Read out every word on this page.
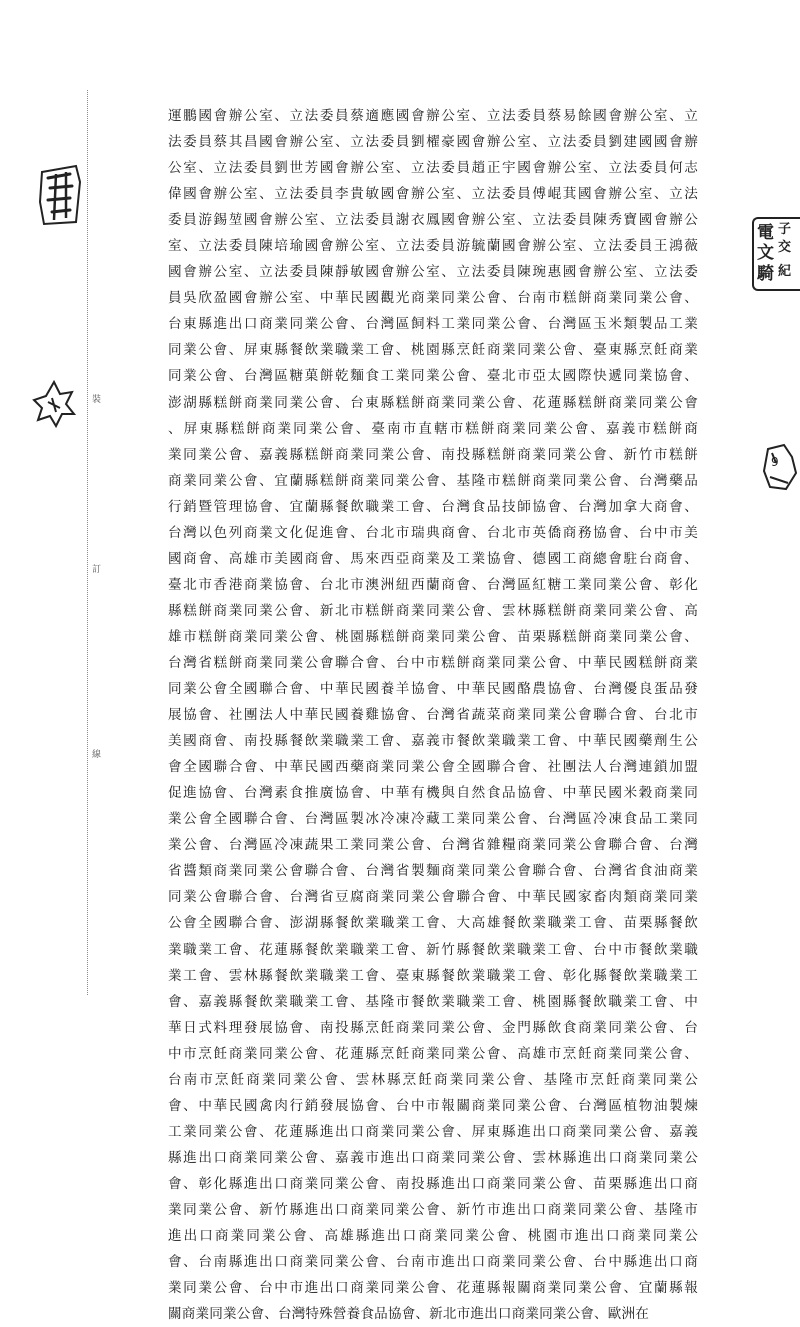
裝
訂
線
運鵬國會辦公室、立法委員蔡適應國會辦公室、立法委員蔡易餘國會辦公室、立
法委員蔡其昌國會辦公室、立法委員劉櫂豪國會辦公室、立法委員劉建國國會辦
公室、立法委員劉世芳國會辦公室、立法委員趙正宇國會辦公室、立法委員何志
偉國會辦公室、立法委員李貴敏國會辦公室、立法委員傅崐萁國會辦公室、立法
委員游錫堃國會辦公室、立法委員謝衣鳳國會辦公室、立法委員陳秀寶國會辦公
室、立法委員陳培瑜國會辦公室、立法委員游毓蘭國會辦公室、立法委員王鴻薇
國會辦公室、立法委員陳靜敏國會辦公室、立法委員陳琬惠國會辦公室、立法委
員吳欣盈國會辦公室、中華民國觀光商業同業公會、台南市糕餅商業同業公會、
台東縣進出口商業同業公會、台灣區飼料工業同業公會、台灣區玉米類製品工業
同業公會、屏東縣餐飲業職業工會、桃園縣烹飪商業同業公會、臺東縣烹飪商業
同業公會、台灣區糖菓餅乾麵食工業同業公會、臺北市亞太國際快遞同業協會、
澎湖縣糕餅商業同業公會、台東縣糕餅商業同業公會、花蓮縣糕餅商業同業公會
、屏東縣糕餅商業同業公會、臺南市直轄市糕餅商業同業公會、嘉義市糕餅商
業同業公會、嘉義縣糕餅商業同業公會、南投縣糕餅商業同業公會、新竹市糕餅
商業同業公會、宜蘭縣糕餅商業同業公會、基隆市糕餅商業同業公會、台灣藥品
行銷暨管理協會、宜蘭縣餐飲職業工會、台灣食品技師協會、台灣加拿大商會、
台灣以色列商業文化促進會、台北市瑞典商會、台北市英僑商務協會、台中市美
國商會、高雄市美國商會、馬來西亞商業及工業協會、德國工商總會駐台商會、
臺北市香港商業協會、台北市澳洲紐西蘭商會、台灣區紅糖工業同業公會、彰化
縣糕餅商業同業公會、新北市糕餅商業同業公會、雲林縣糕餅商業同業公會、高
雄市糕餅商業同業公會、桃園縣糕餅商業同業公會、苗栗縣糕餅商業同業公會、
台灣省糕餅商業同業公會聯合會、台中市糕餅商業同業公會、中華民國糕餅商業
同業公會全國聯合會、中華民國養羊協會、中華民國酪農協會、台灣優良蛋品發
展協會、社團法人中華民國養雞協會、台灣省蔬菜商業同業公會聯合會、台北市
美國商會、南投縣餐飲業職業工會、嘉義市餐飲業職業工會、中華民國藥劑生公
會全國聯合會、中華民國西藥商業同業公會全國聯合會、社團法人台灣連鎖加盟
促進協會、台灣素食推廣協會、中華有機與自然食品協會、中華民國米穀商業同
業公會全國聯合會、台灣區製冰冷凍冷藏工業同業公會、台灣區冷凍食品工業同
業公會、台灣區冷凍蔬果工業同業公會、台灣省雜糧商業同業公會聯合會、台灣
省醬類商業同業公會聯合會、台灣省製麵商業同業公會聯合會、台灣省食油商業
同業公會聯合會、台灣省豆腐商業同業公會聯合會、中華民國家畜肉類商業同業
公會全國聯合會、澎湖縣餐飲業職業工會、大高雄餐飲業職業工會、苗栗縣餐飲
業職業工會、花蓮縣餐飲業職業工會、新竹縣餐飲業職業工會、台中市餐飲業職
業工會、雲林縣餐飲業職業工會、臺東縣餐飲業職業工會、彰化縣餐飲業職業工
會、嘉義縣餐飲業職業工會、基隆市餐飲業職業工會、桃園縣餐飲職業工會、中
華日式料理發展協會、南投縣烹飪商業同業公會、金門縣飲食商業同業公會、台
中市烹飪商業同業公會、花蓮縣烹飪商業同業公會、高雄市烹飪商業同業公會、
台南市烹飪商業同業公會、雲林縣烹飪商業同業公會、基隆市烹飪商業同業公
會、中華民國禽肉行銷發展協會、台中市報關商業同業公會、台灣區植物油製煉
工業同業公會、花蓮縣進出口商業同業公會、屏東縣進出口商業同業公會、嘉義
縣進出口商業同業公會、嘉義市進出口商業同業公會、雲林縣進出口商業同業公
會、彰化縣進出口商業同業公會、南投縣進出口商業同業公會、苗栗縣進出口商
業同業公會、新竹縣進出口商業同業公會、新竹市進出口商業同業公會、基隆市
進出口商業同業公會、高雄縣進出口商業同業公會、桃園市進出口商業同業公
會、台南縣進出口商業同業公會、台南市進出口商業同業公會、台中縣進出口商
業同業公會、台中市進出口商業同業公會、花蓮縣報關商業同業公會、宜蘭縣報
關商業同業公會、台灣特殊營養食品協會、新北市進出口商業同業公會、歐洲在
電
文
子
交
騎 紀
9
